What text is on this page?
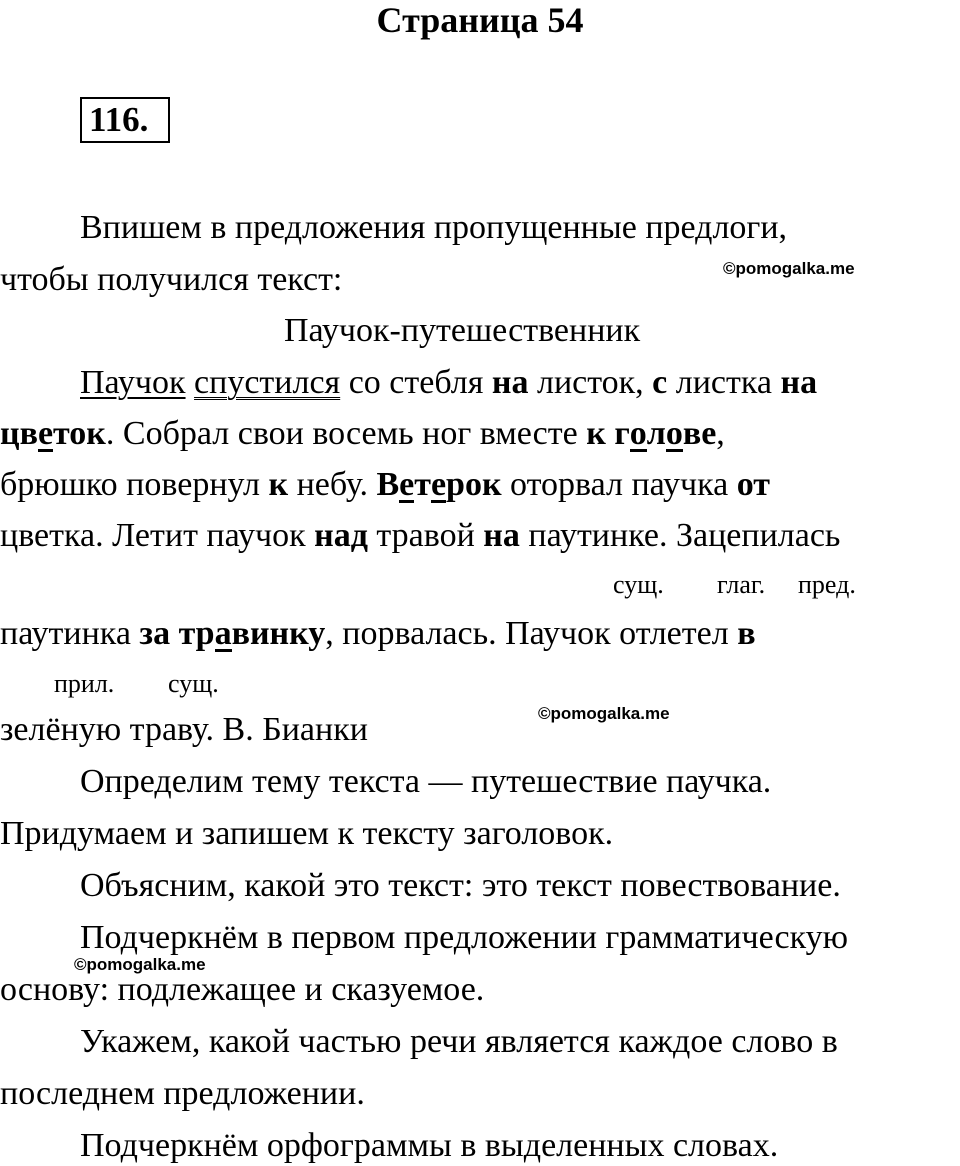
Страница 54
116.
Впишем в предложения пропущенные предлоги,
чтобы получился текст:	©pomogalka.me
Паучок-путешественник
Паучок спустился со стебля на листок, с листка на
цветок. Собрал свои восемь ног вместе к голове,
брюшко повернул к небу. Ветерок оторвал паучка от
цветка. Летит паучок над травой на паутинке. Зацепилась
сущ. глаг. пред.
паутинка за травинку, порвалась. Паучок отлетел в
прил. сущ.
©pomogalka.me
зелёную траву. В. Бианки
Определим тему текста — путешествие паучка.
Придумаем и запишем к тексту заголовок.
Объясним, какой это текст: это текст повествование.
Подчеркнём в первом предложении грамматическую
©pomogalka.me
основу: подлежащее и сказуемое.
Укажем, какой частью речи является каждое слово в
последнем предложении.
Подчеркнём орфограммы в выделенных словах.
